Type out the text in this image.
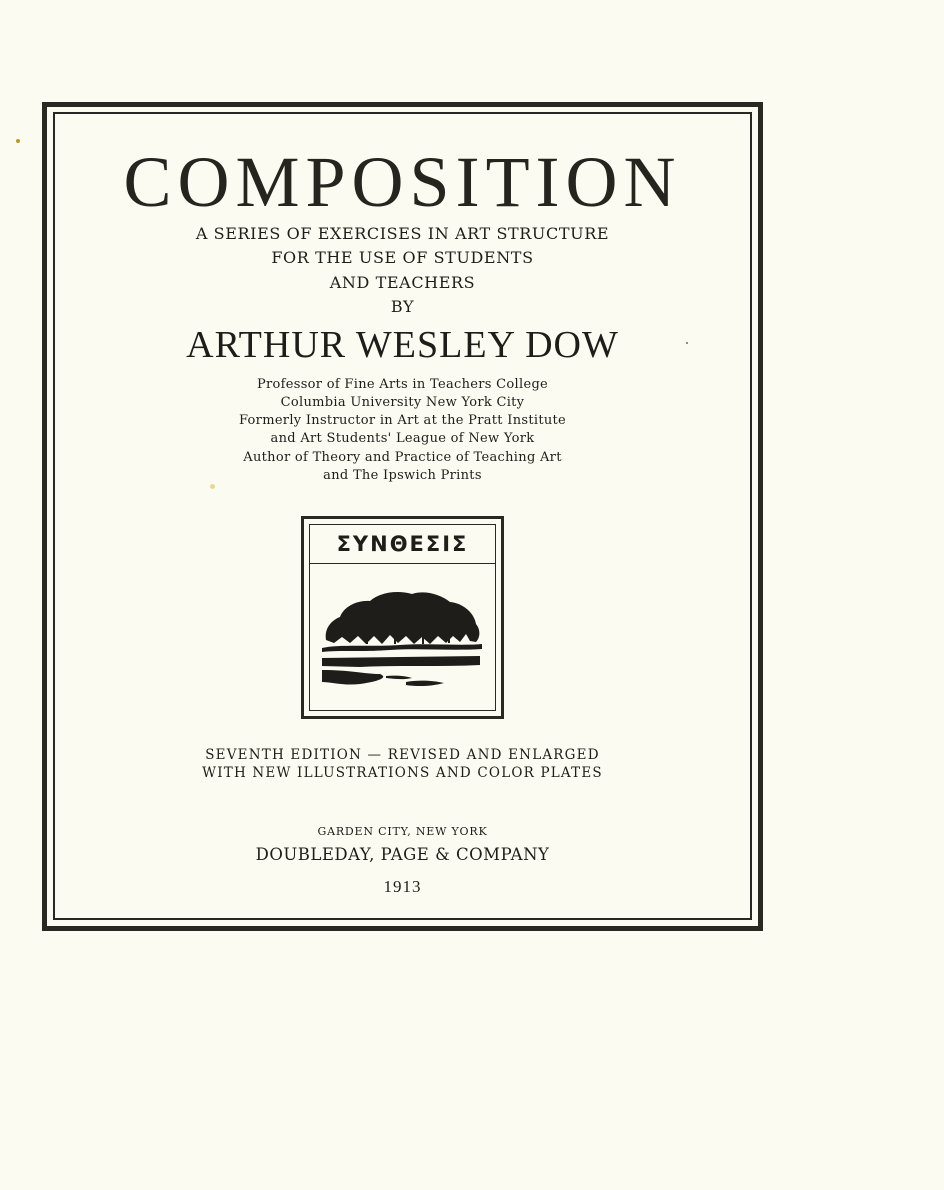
COMPOSITION
A SERIES OF EXERCISES IN ART STRUCTURE
FOR THE USE OF STUDENTS
AND TEACHERS
BY
ARTHUR WESLEY DOW
Professor of Fine Arts in Teachers College
Columbia University New York City
Formerly Instructor in Art at the Pratt Institute
and Art Students' League of New York
Author of Theory and Practice of Teaching Art
and The Ipswich Prints
ΣΥΝΘΕΣΙΣ
SEVENTH EDITION — REVISED AND ENLARGED
WITH NEW ILLUSTRATIONS AND COLOR PLATES
GARDEN CITY, NEW YORK
DOUBLEDAY, PAGE & COMPANY
1913
